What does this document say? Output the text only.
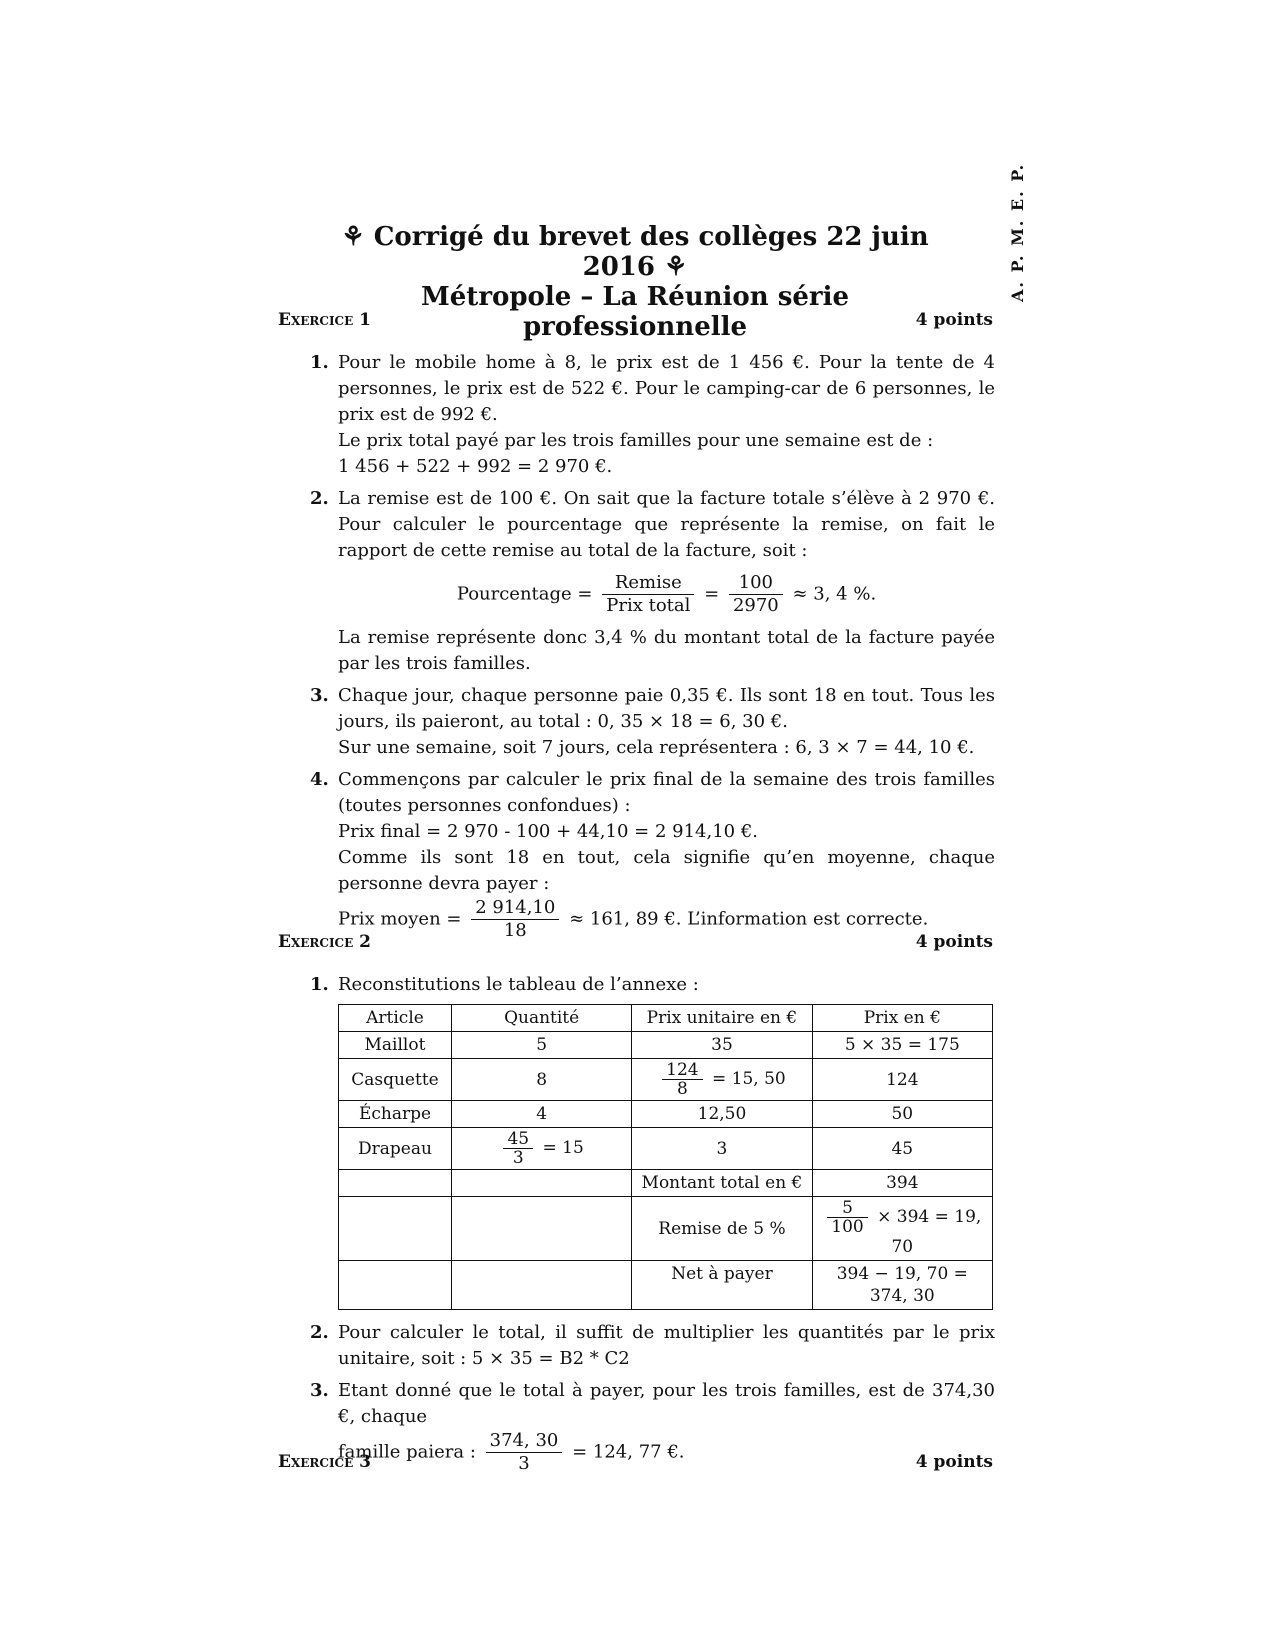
A. P. M. E. P.

⚘ Corrigé du brevet des collèges 22 juin 2016 ⚘

Métropole – La Réunion série professionnelle

Exercice 1	4 points
1. Pour le mobile home à 8, le prix est de 1 456 €. Pour la tente de 4 personnes, le prix est de 522 €. Pour le camping-car de 6 personnes, le prix est de 992 €.

Le prix total payé par les trois familles pour une semaine est de :

1 456 + 522 + 992 = 2 970 €.

2. La remise est de 100 €. On sait que la facture totale s’élève à 2 970 €. Pour calculer le pourcentage que représente la remise, on fait le rapport de cette remise au total de la facture, soit :

Pourcentage = $\frac{\text{Remise}}{\text{Prix total}} = \frac{100}{2970} \approx 3$, 4 %.

La remise représente donc 3,4 % du montant total de la facture payée par les trois familles.

3. Chaque jour, chaque personne paie 0,35 €. Ils sont 18 en tout. Tous les jours, ils paieront, au total : 0, 35 × 18 = 6, 30 €.

Sur une semaine, soit 7 jours, cela représentera : 6, 3 × 7 = 44, 10 €.

4. Commençons par calculer le prix final de la semaine des trois familles (toutes personnes confondues) :

Prix final = 2 970 - 100 + 44,10 = 2 914,10 €.

Comme ils sont 18 en tout, cela signifie qu’en moyenne, chaque personne devra payer :

Prix moyen = $\frac{2 914,10}{18} \approx 161$, 89 €. L’information est correcte.
Exercice 2	4 points
1. Reconstitutions le tableau de l’annexe :

Article	Quantité	Prix unitaire en €	Prix en €
Maillot	5	35	5 × 35 = 175
Casquette	8	$\frac{124}{8} = 15$, 50	124
Écharpe	4	12,50	50
Drapeau	$\frac{45}{3} = 15$	3	45
		Montant total en €	394
		Remise de 5 %	$\frac{5}{100} \times 394 = 19$, 70
		Net à payer	394 − 19, 70 = 374, 30
2. Pour calculer le total, il suffit de multiplier les quantités par le prix unitaire, soit : 5 × 35 = B2 * C2

3. Etant donné que le total à payer, pour les trois familles, est de 374,30 €, chaque

famille paiera : $\frac{374, 30}{3} = 124$, 77 €.
Exercice 3	4 points
